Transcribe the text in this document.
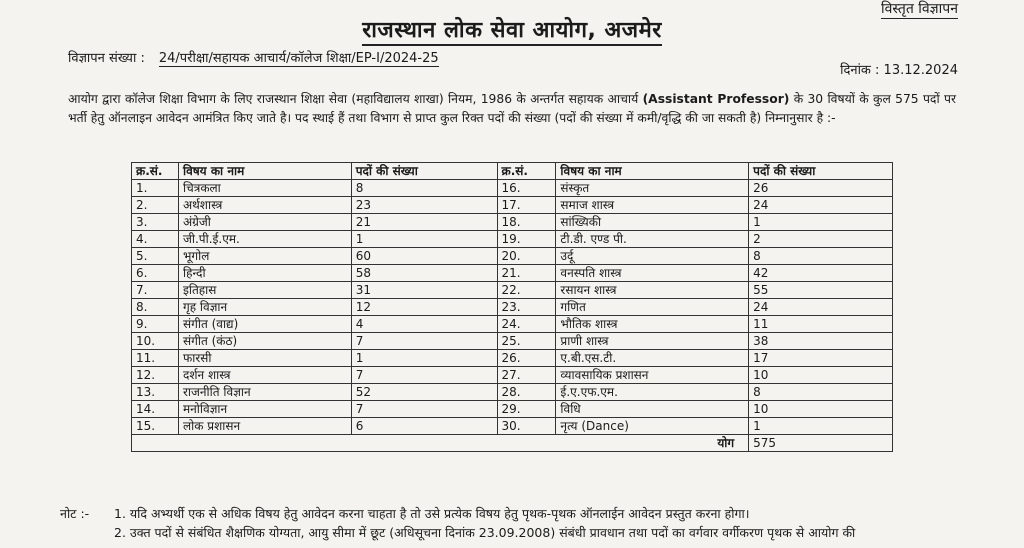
विस्तृत विज्ञापन
राजस्थान लोक सेवा आयोग, अजमेर
विज्ञापन संख्या : 24/परीक्षा/सहायक आचार्य/कॉलेज शिक्षा/EP-I/2024-25
दिनांक : 13.12.2024
आयोग द्वारा कॉलेज शिक्षा विभाग के लिए राजस्थान शिक्षा सेवा (महाविद्यालय शाखा) नियम, 1986 के अन्तर्गत सहायक आचार्य (Assistant Professor) के 30 विषयों के कुल 575 पदों पर भर्ती हेतु ऑनलाइन आवेदन आमंत्रित किए जाते है। पद स्थाई हैं तथा विभाग से प्राप्त कुल रिक्त पदों की संख्या (पदों की संख्या में कमी/वृद्धि की जा सकती है) निम्नानुसार है :-
क्र.सं.	विषय का नाम	पदों की संख्या	क्र.सं.	विषय का नाम	पदों की संख्या
1.	चित्रकला	8	16.	संस्कृत	26
2.	अर्थशास्त्र	23	17.	समाज शास्त्र	24
3.	अंग्रेजी	21	18.	सांख्यिकी	1
4.	जी.पी.ई.एम.	1	19.	टी.डी. एण्ड पी.	2
5.	भूगोल	60	20.	उर्दू	8
6.	हिन्दी	58	21.	वनस्पति शास्त्र	42
7.	इतिहास	31	22.	रसायन शास्त्र	55
8.	गृह विज्ञान	12	23.	गणित	24
9.	संगीत (वाद्य)	4	24.	भौतिक शास्त्र	11
10.	संगीत (कंठ)	7	25.	प्राणी शास्त्र	38
11.	फारसी	1	26.	ए.बी.एस.टी.	17
12.	दर्शन शास्त्र	7	27.	व्यावसायिक प्रशासन	10
13.	राजनीति विज्ञान	52	28.	ई.ए.एफ.एम.	8
14.	मनोविज्ञान	7	29.	विधि	10
15.	लोक प्रशासन	6	30.	नृत्य (Dance)	1
योग					575
नोट :- 1. यदि अभ्यर्थी एक से अधिक विषय हेतु आवेदन करना चाहता है तो उसे प्रत्येक विषय हेतु पृथक-पृथक ऑनलाईन आवेदन प्रस्तुत करना होगा।
2. उक्त पदों से संबंधित शैक्षणिक योग्यता, आयु सीमा में छूट (अधिसूचना दिनांक 23.09.2008) संबंधी प्रावधान तथा पदों का वर्गवार वर्गीकरण पृथक से आयोग की
